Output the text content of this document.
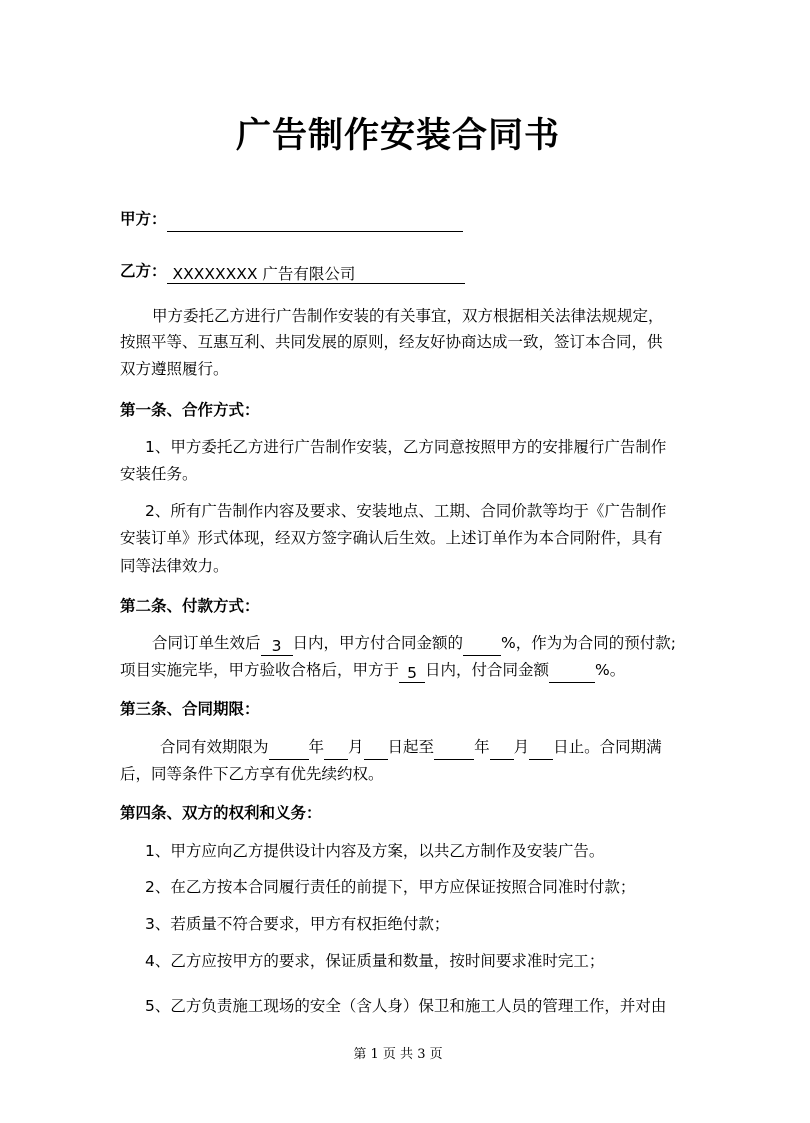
广告制作安装合同书
甲方：
乙方： XXXXXXXX 广告有限公司
甲方委托乙方进行广告制作安装的有关事宜，双方根据相关法律法规规定，
按照平等、互惠互利、共同发展的原则，经友好协商达成一致，签订本合同，供
双方遵照履行。
第一条、合作方式：
1、甲方委托乙方进行广告制作安装，乙方同意按照甲方的安排履行广告制作
安装任务。
2、所有广告制作内容及要求、安装地点、工期、合同价款等均于《广告制作
安装订单》形式体现，经双方签字确认后生效。上述订单作为本合同附件，具有
同等法律效力。
第二条、付款方式：
合同订单生效后 3 日内，甲方付合同金额的 %，作为为合同的预付款;
项目实施完毕，甲方验收合格后，甲方于 5 日内，付合同金额	%。
第三条、合同期限：
合同有效期限为	年 月 日起至	年 月 日止。合同期满
后，同等条件下乙方享有优先续约权。
第四条、双方的权利和义务：
1、甲方应向乙方提供设计内容及方案，以共乙方制作及安装广告。
2、在乙方按本合同履行责任的前提下，甲方应保证按照合同准时付款；
3、若质量不符合要求，甲方有权拒绝付款；
4、乙方应按甲方的要求，保证质量和数量，按时间要求准时完工；
5、乙方负责施工现场的安全（含人身）保卫和施工人员的管理工作，并对由
第 1 页 共 3 页
